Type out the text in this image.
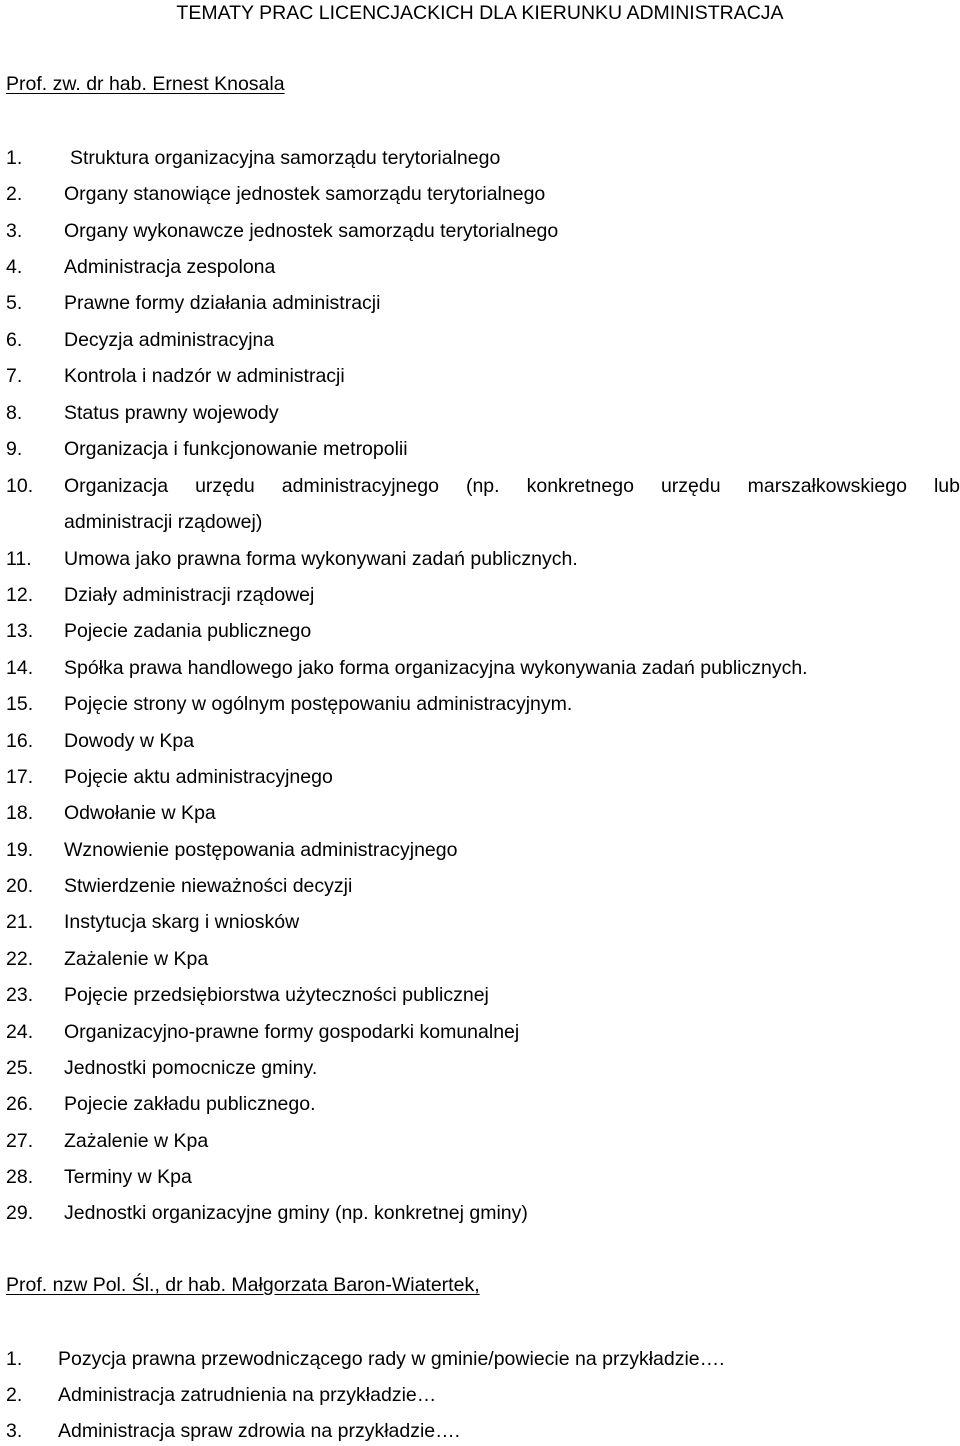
TEMATY PRAC LICENCJACKICH DLA KIERUNKU ADMINISTRACJA
Prof. zw. dr hab. Ernest Knosala
1. Struktura organizacyjna samorządu terytorialnego
2. Organy stanowiące jednostek samorządu terytorialnego
3. Organy wykonawcze jednostek samorządu terytorialnego
4. Administracja zespolona
5. Prawne formy działania administracji
6. Decyzja administracyjna
7. Kontrola i nadzór w administracji
8. Status prawny wojewody
9. Organizacja i funkcjonowanie metropolii
10. Organizacja urzędu administracyjnego (np. konkretnego urzędu marszałkowskiego lub
administracji rządowej)
11. Umowa jako prawna forma wykonywani zadań publicznych.
12. Działy administracji rządowej
13. Pojecie zadania publicznego
14. Spółka prawa handlowego jako forma organizacyjna wykonywania zadań publicznych.
15. Pojęcie strony w ogólnym postępowaniu administracyjnym.
16. Dowody w Kpa
17. Pojęcie aktu administracyjnego
18. Odwołanie w Kpa
19. Wznowienie postępowania administracyjnego
20. Stwierdzenie nieważności decyzji
21. Instytucja skarg i wniosków
22. Zażalenie w Kpa
23. Pojęcie przedsiębiorstwa użyteczności publicznej
24. Organizacyjno-prawne formy gospodarki komunalnej
25. Jednostki pomocnicze gminy.
26. Pojecie zakładu publicznego.
27. Zażalenie w Kpa
28. Terminy w Kpa
29. Jednostki organizacyjne gminy (np. konkretnej gminy)
Prof. nzw Pol. Śl., dr hab. Małgorzata Baron-Wiatertek,
1. Pozycja prawna przewodniczącego rady w gminie/powiecie na przykładzie….
2. Administracja zatrudnienia na przykładzie…
3. Administracja spraw zdrowia na przykładzie….
